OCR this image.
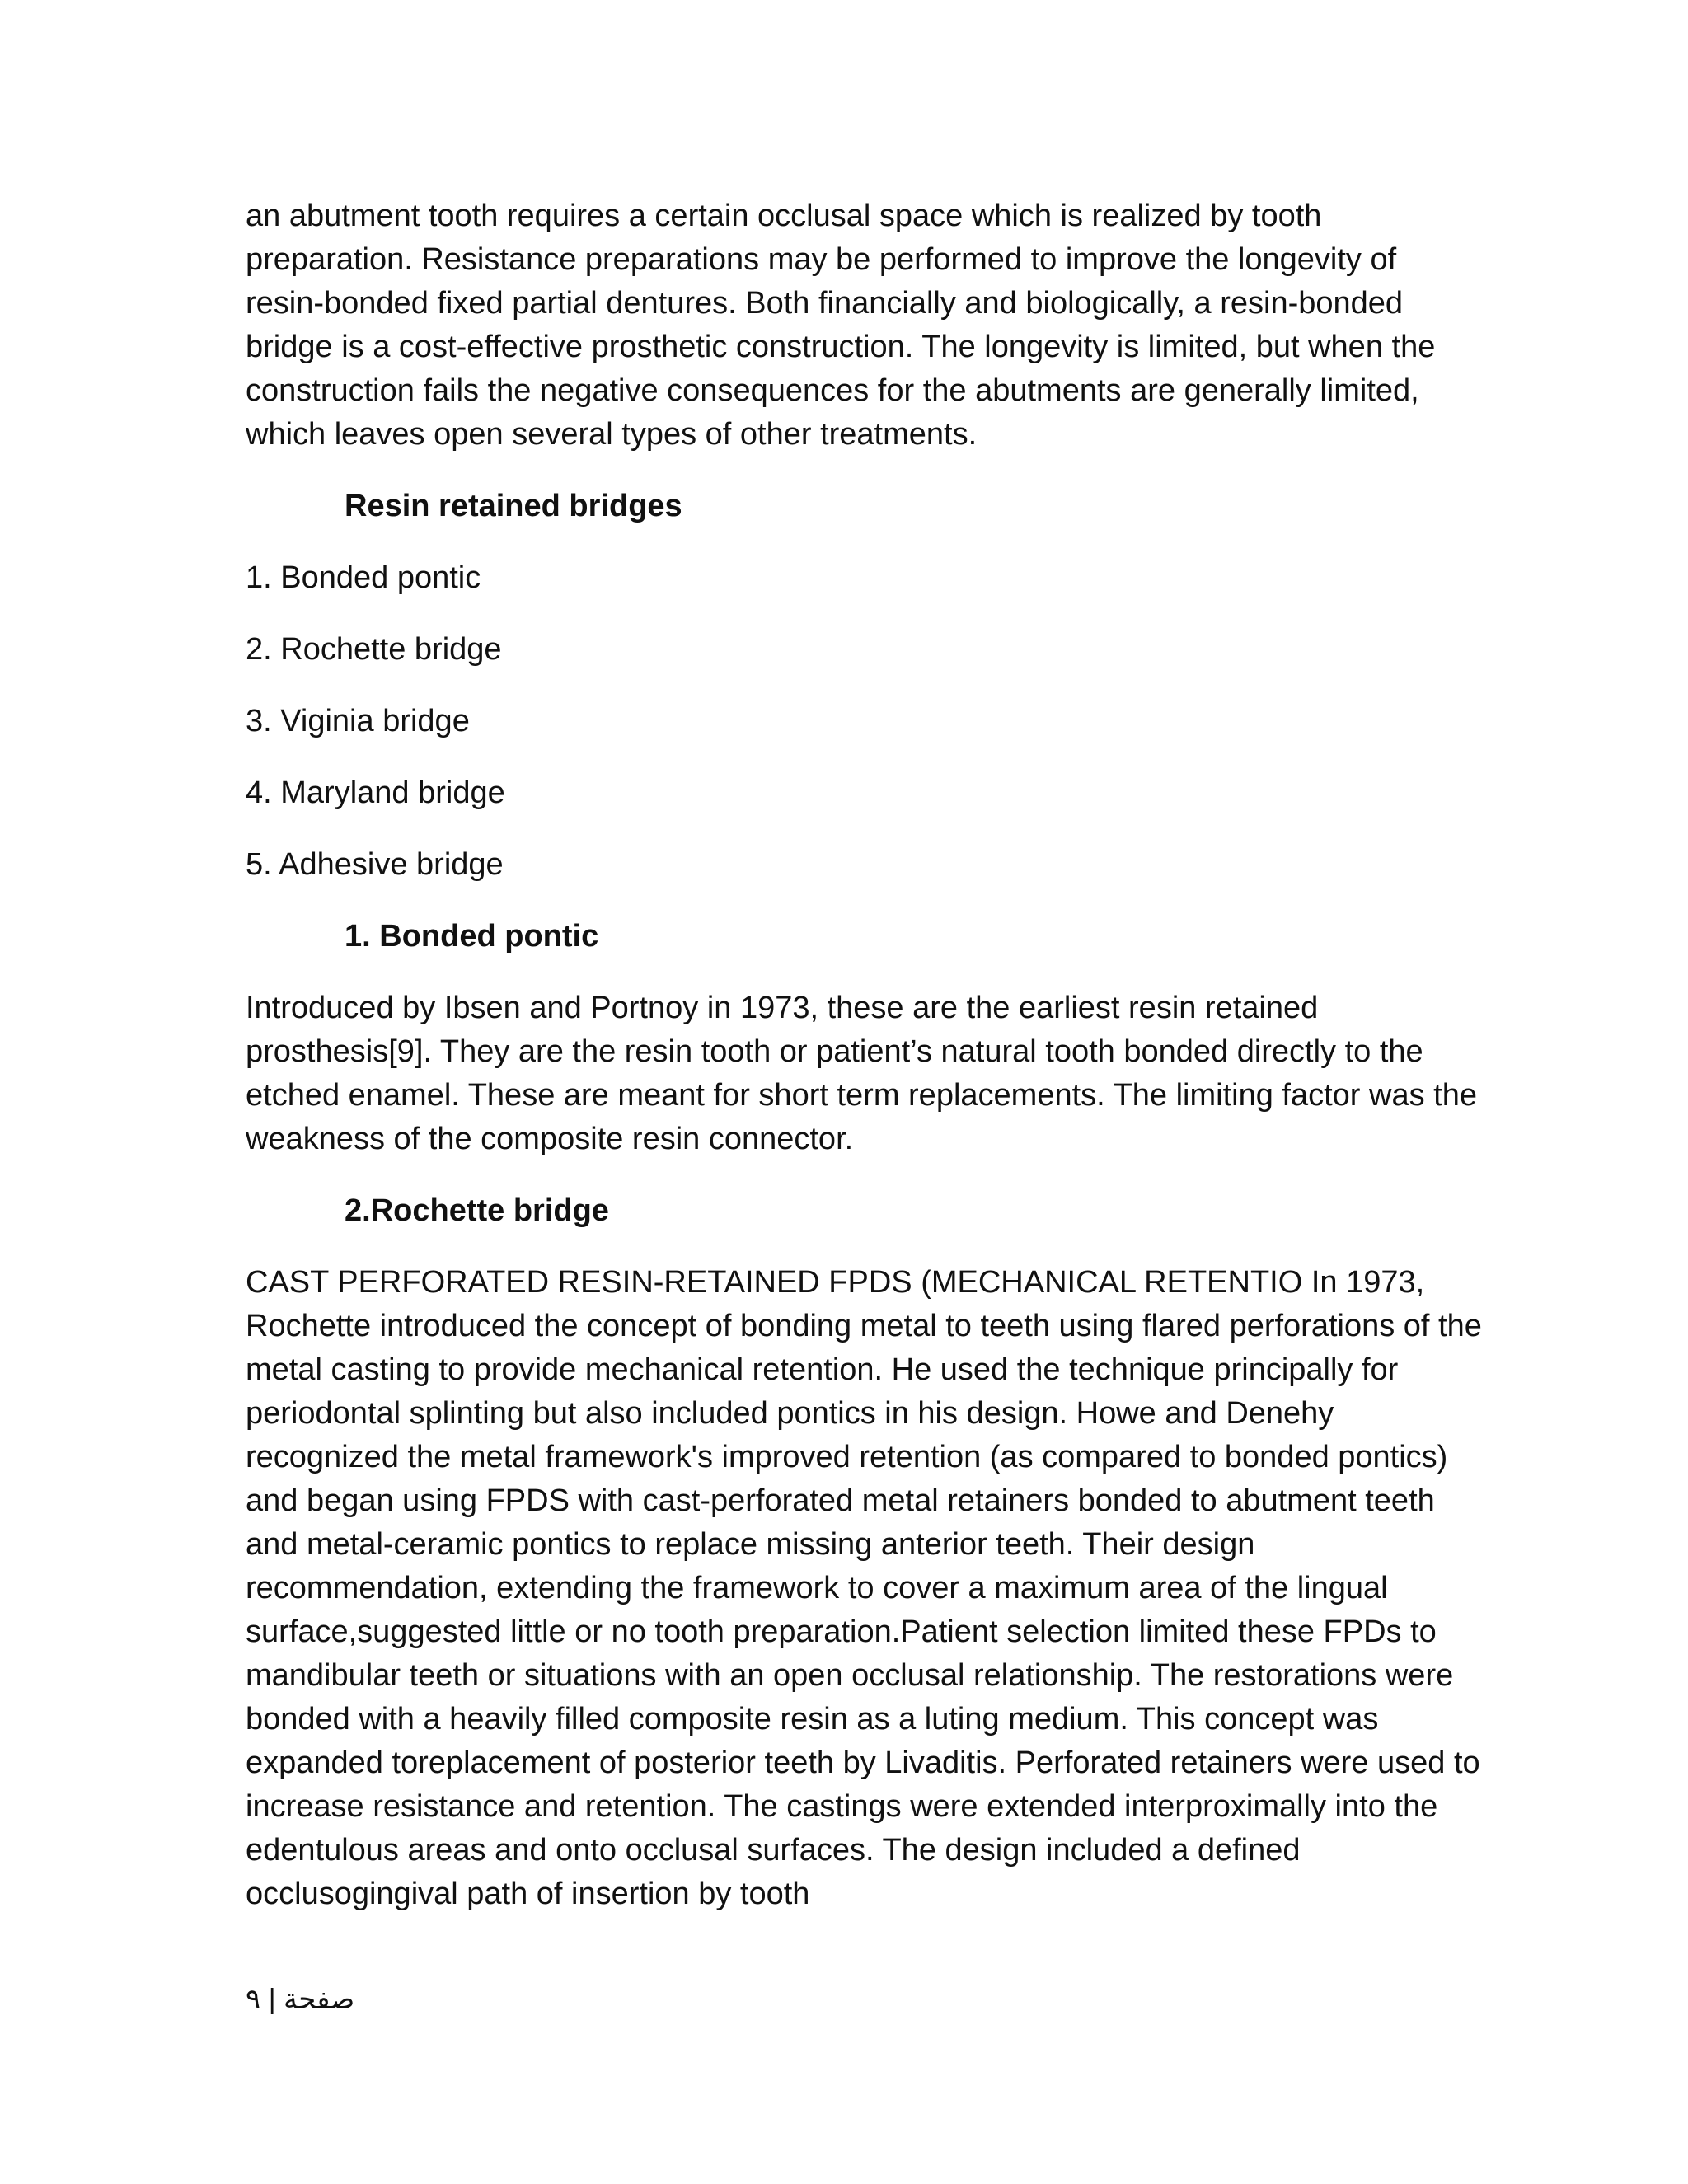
an abutment tooth requires a certain occlusal space which is realized by tooth preparation. Resistance preparations may be performed to improve the longevity of resin-bonded fixed partial dentures. Both financially and biologically, a resin-bonded bridge is a cost-effective prosthetic construction. The longevity is limited, but when the construction fails the negative consequences for the abutments are generally limited, which leaves open several types of other treatments.

Resin retained bridges
1. Bonded pontic
2. Rochette bridge
3. Viginia bridge
4. Maryland bridge
5. Adhesive bridge
1. Bonded pontic

Introduced by Ibsen and Portnoy in 1973, these are the earliest resin retained prosthesis[9]. They are the resin tooth or patient’s natural tooth bonded directly to the etched enamel. These are meant for short term replacements. The limiting factor was the weakness of the composite resin connector.

2.Rochette bridge

CAST PERFORATED RESIN-RETAINED FPDS (MECHANICAL RETENTIO In 1973, Rochette introduced the concept of bonding metal to teeth using flared perforations of the metal casting to provide mechanical retention. He used the technique principally for periodontal splinting but also included pontics in his design. Howe and Denehy recognized the metal framework's improved retention (as compared to bonded pontics) and began using FPDS with cast-perforated metal retainers bonded to abutment teeth and metal-ceramic pontics to replace missing anterior teeth. Their design recommendation, extending the framework to cover a maximum area of the lingual surface,suggested little or no tooth preparation.Patient selection limited these FPDs to mandibular teeth or situations with an open occlusal relationship. The restorations were bonded with a heavily filled composite resin as a luting medium. This concept was expanded toreplacement of posterior teeth by Livaditis. Perforated retainers were used to increase resistance and retention. The castings were extended interproximally into the edentulous areas and onto occlusal surfaces. The design included a defined occlusogingival path of insertion by tooth

صفحة | ٩
